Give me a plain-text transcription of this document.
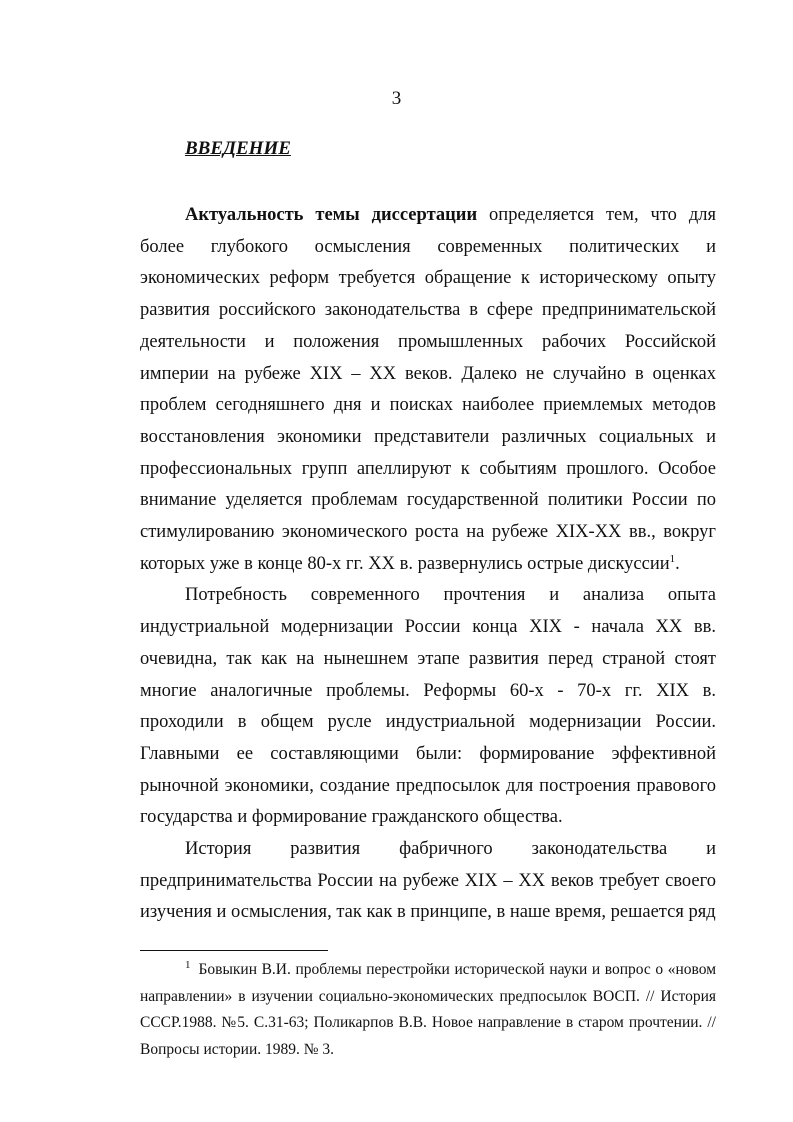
3
ВВЕДЕНИЕ

Актуальность темы диссертации определяется тем, что для более глубокого осмысления современных политических и экономических реформ требуется обращение к историческому опыту развития российского законодательства в сфере предпринимательской деятельности и положения промышленных рабочих Российской империи на рубеже XIX – XX веков. Далеко не случайно в оценках проблем сегодняшнего дня и поисках наиболее приемлемых методов восстановления экономики представители различных социальных и профессиональных групп апеллируют к событиям прошлого. Особое внимание уделяется проблемам государственной политики России по стимулированию экономического роста на рубеже XIX-XX вв., вокруг которых уже в конце 80-х гг. XX в. развернулись острые дискуссии$^1$.

Потребность современного прочтения и анализа опыта индустриальной модернизации России конца XIX - начала XX вв. очевидна, так как на нынешнем этапе развития перед страной стоят многие аналогичные проблемы. Реформы 60-х - 70-х гг. XIX в. проходили в общем русле индустриальной модернизации России. Главными ее составляющими были: формирование эффективной рыночной экономики, создание предпосылок для построения правового государства и формирование гражданского общества.

История развития фабричного законодательства и предпринимательства России на рубеже XIX – XX веков требует своего изучения и осмысления, так как в принципе, в наше время, решается ряд

$^1$ Бовыкин В.И. проблемы перестройки исторической науки и вопрос о «новом направлении» в изучении социально-экономических предпосылок ВОСП. // История СССР.1988. №5. С.31-63; Поликарпов В.В. Новое направление в старом прочтении. // Вопросы истории. 1989. № 3.
